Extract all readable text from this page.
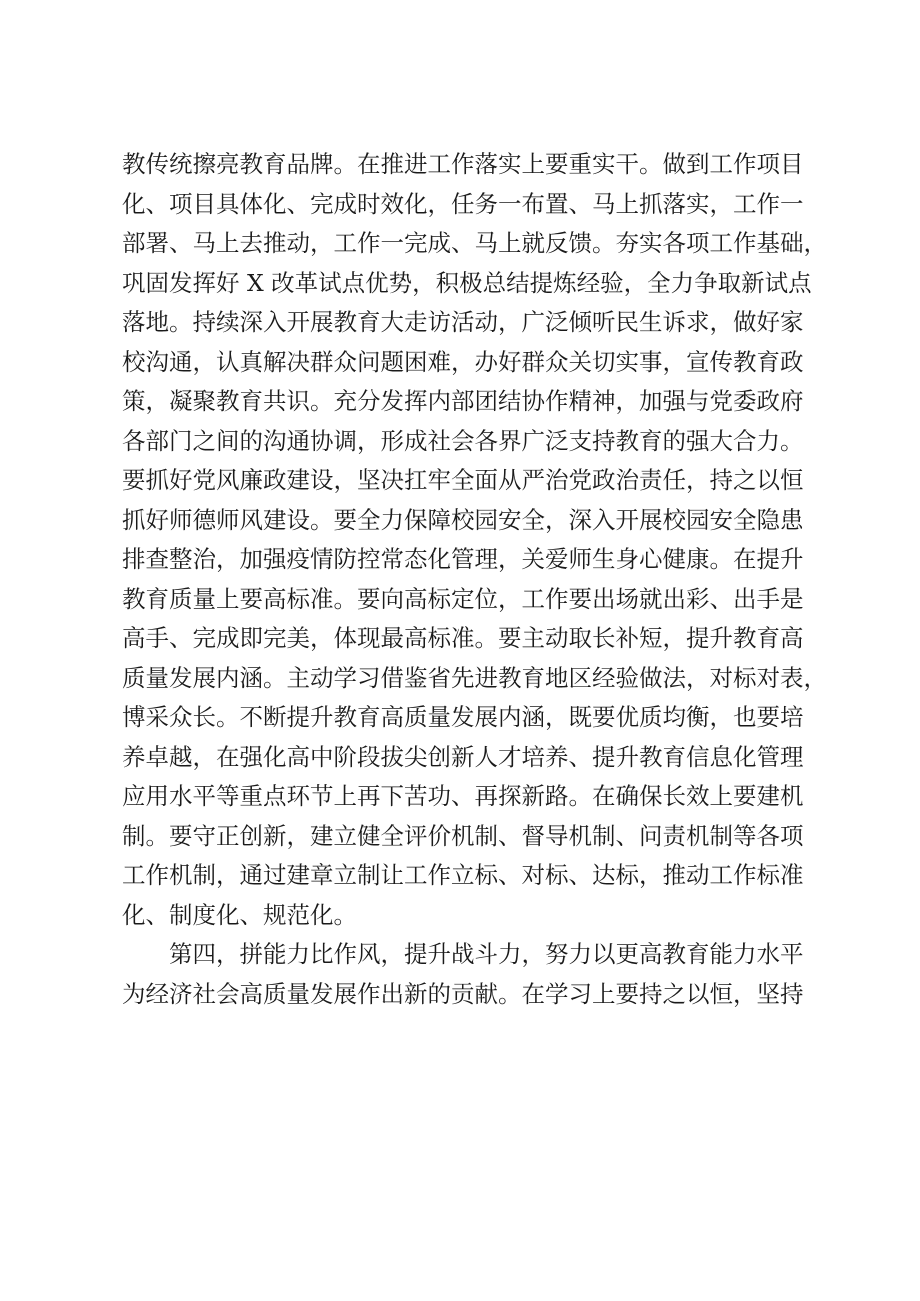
教传统擦亮教育品牌。在推进工作落实上要重实干。做到工作项目
化、项目具体化、完成时效化，任务一布置、马上抓落实，工作一
部署、马上去推动，工作一完成、马上就反馈。夯实各项工作基础，
巩固发挥好 X 改革试点优势，积极总结提炼经验，全力争取新试点
落地。持续深入开展教育大走访活动，广泛倾听民生诉求，做好家
校沟通，认真解决群众问题困难，办好群众关切实事，宣传教育政
策，凝聚教育共识。充分发挥内部团结协作精神，加强与党委政府
各部门之间的沟通协调，形成社会各界广泛支持教育的强大合力。
要抓好党风廉政建设，坚决扛牢全面从严治党政治责任，持之以恒
抓好师德师风建设。要全力保障校园安全，深入开展校园安全隐患
排查整治，加强疫情防控常态化管理，关爱师生身心健康。在提升
教育质量上要高标准。要向高标定位，工作要出场就出彩、出手是
高手、完成即完美，体现最高标准。要主动取长补短，提升教育高
质量发展内涵。主动学习借鉴省先进教育地区经验做法，对标对表，
博采众长。不断提升教育高质量发展内涵，既要优质均衡，也要培
养卓越，在强化高中阶段拔尖创新人才培养、提升教育信息化管理
应用水平等重点环节上再下苦功、再探新路。在确保长效上要建机
制。要守正创新，建立健全评价机制、督导机制、问责机制等各项
工作机制，通过建章立制让工作立标、对标、达标，推动工作标准
化、制度化、规范化。
第四，拼能力比作风，提升战斗力，努力以更高教育能力水平
为经济社会高质量发展作出新的贡献。在学习上要持之以恒，坚持
